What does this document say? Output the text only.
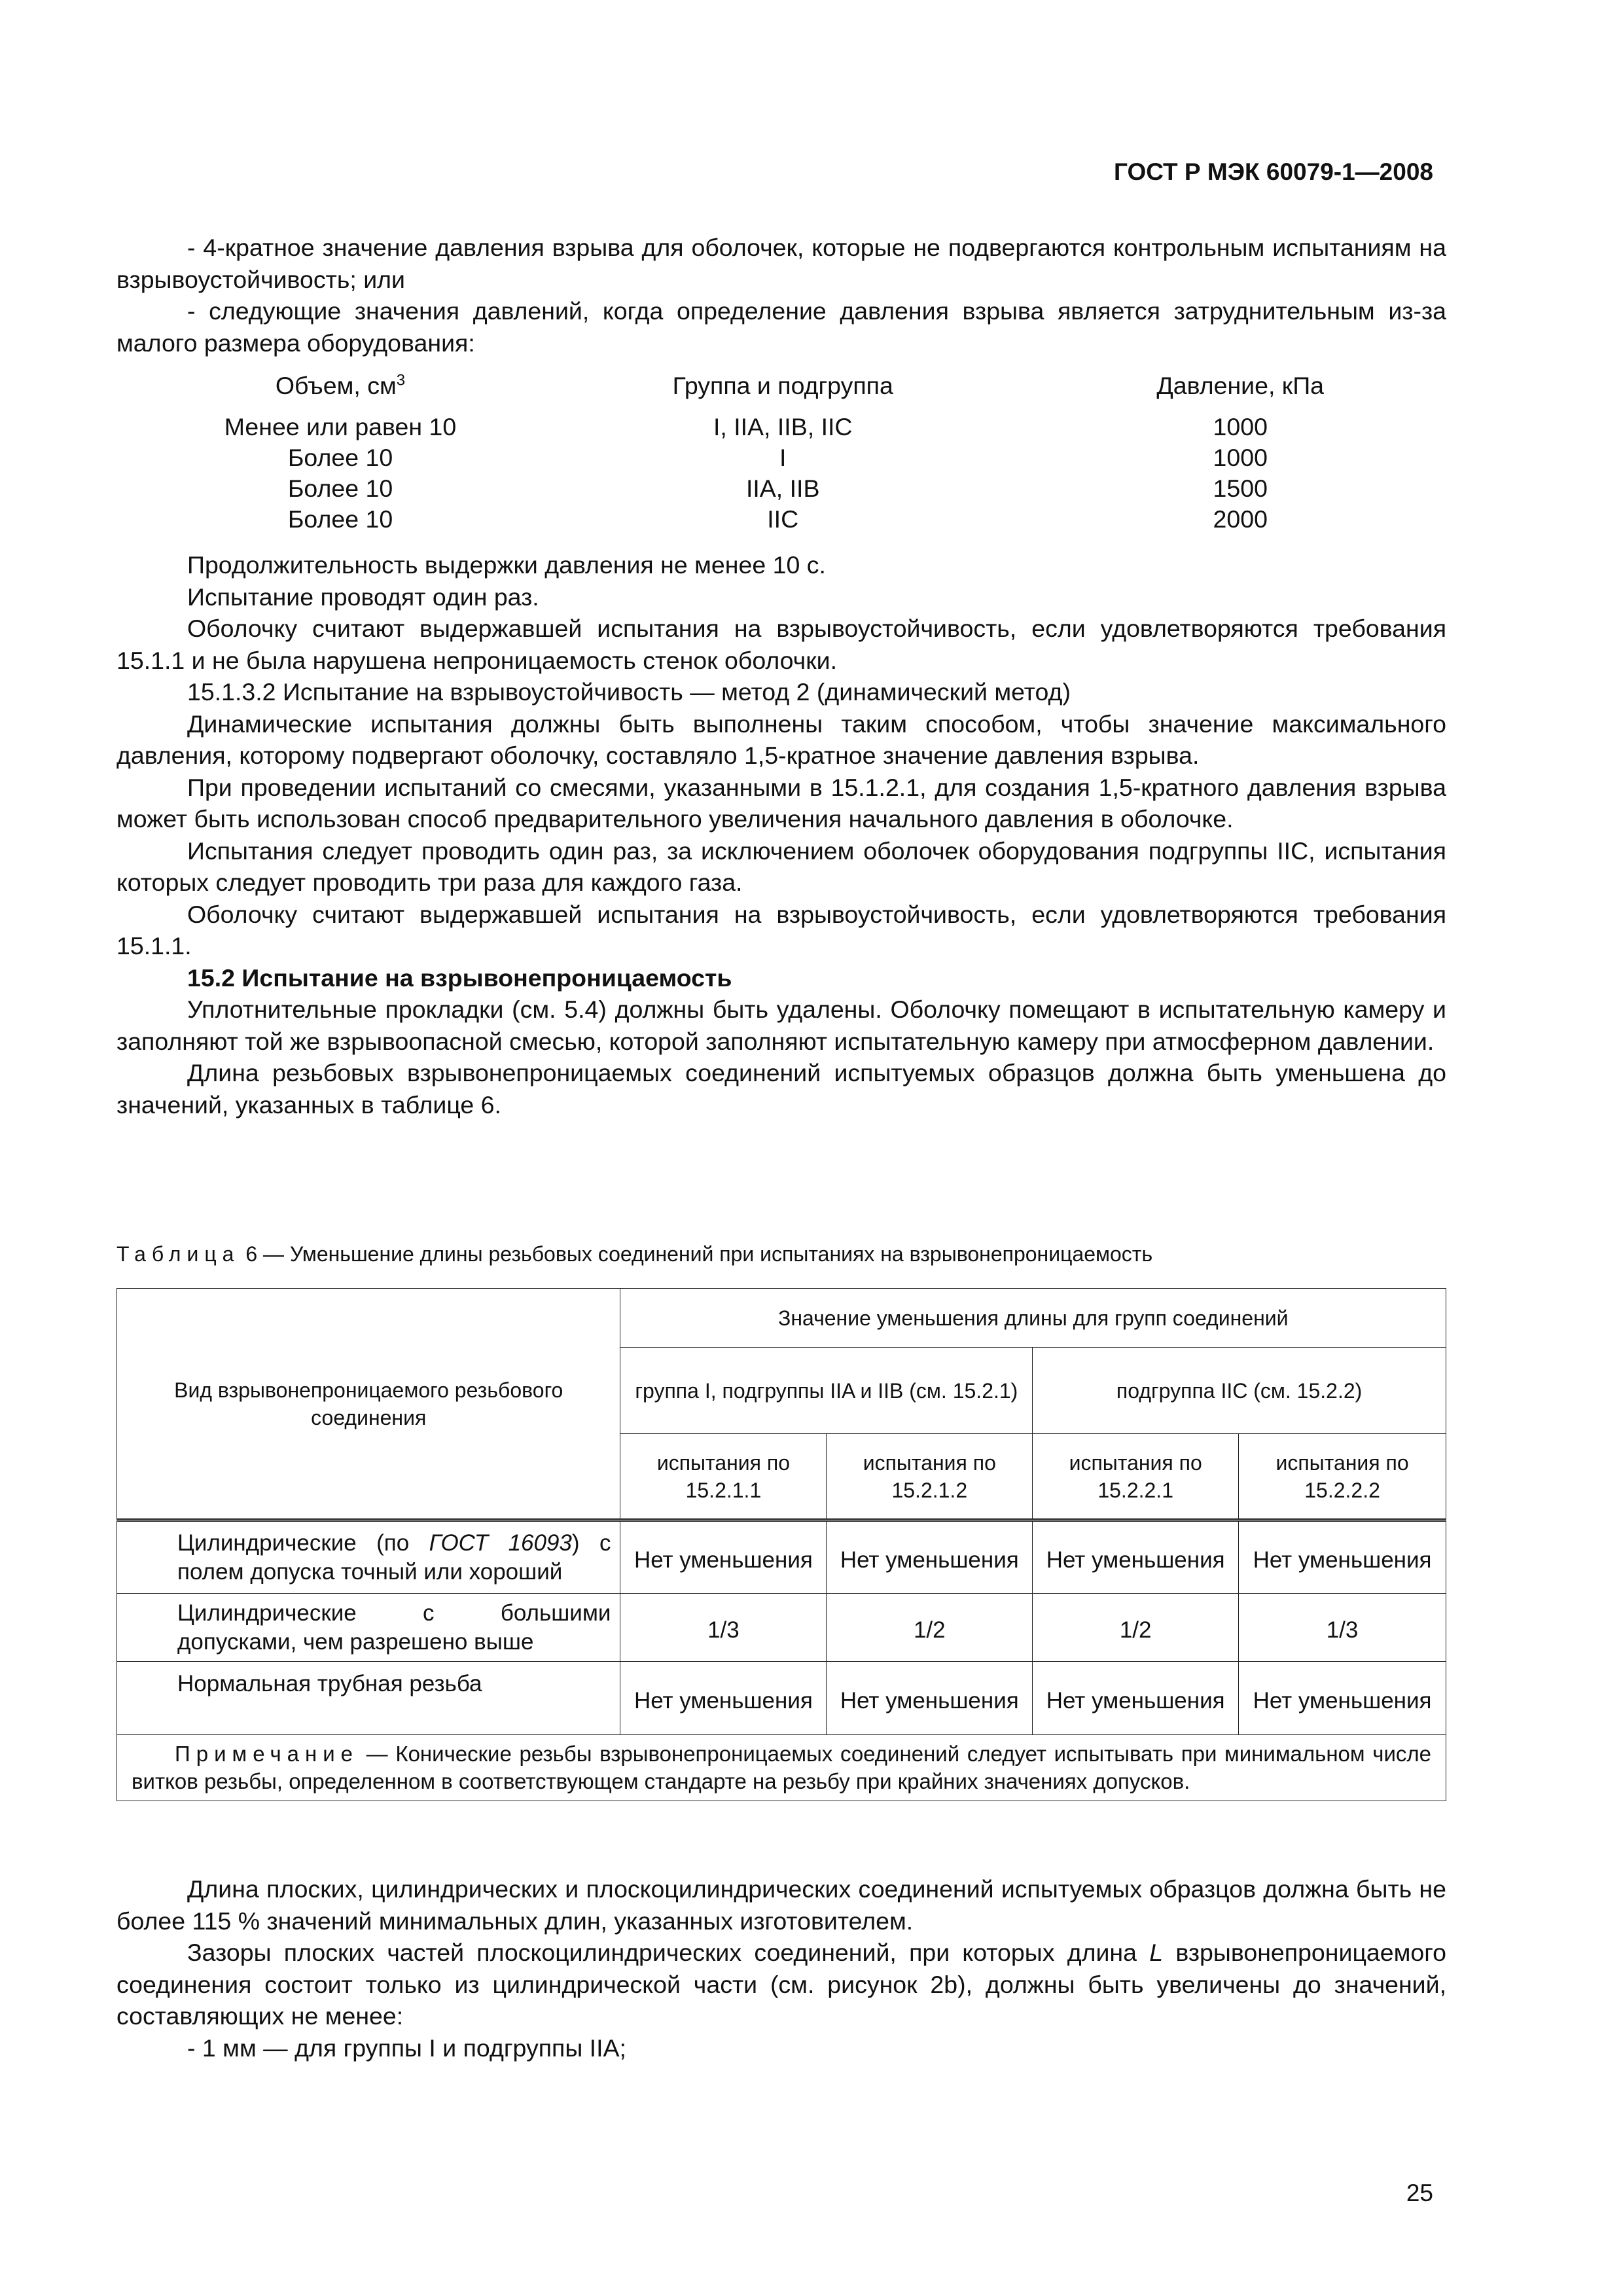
ГОСТ Р МЭК 60079-1—2008

- 4-кратное значение давления взрыва для оболочек, которые не подвергаются контрольным испытаниям на взрывоустойчивость; или

- следующие значения давлений, когда определение давления взрыва является затруднительным из-за малого размера оборудования:

Объем, $см^3$	Группа и подгруппа	Давление, кПа
Менее или равен 10	I, IIA, IIB, IIC	1000
Более 10	I	1000
Более 10	IIA, IIB	1500
Более 10	IIC	2000

Продолжительность выдержки давления не менее 10 с.

Испытание проводят один раз.

Оболочку считают выдержавшей испытания на взрывоустойчивость, если удовлетворяются требования 15.1.1 и не была нарушена непроницаемость стенок оболочки.

15.1.3.2 Испытание на взрывоустойчивость — метод 2 (динамический метод)

Динамические испытания должны быть выполнены таким способом, чтобы значение максимального давления, которому подвергают оболочку, составляло 1,5-кратное значение давления взрыва.

При проведении испытаний со смесями, указанными в 15.1.2.1, для создания 1,5-кратного давления взрыва может быть использован способ предварительного увеличения начального давления в оболочке.

Испытания следует проводить один раз, за исключением оболочек оборудования подгруппы IIC, испытания которых следует проводить три раза для каждого газа.

Оболочку считают выдержавшей испытания на взрывоустойчивость, если удовлетворяются требования 15.1.1.

15.2 Испытание на взрывонепроницаемость

Уплотнительные прокладки (см. 5.4) должны быть удалены. Оболочку помещают в испытательную камеру и заполняют той же взрывоопасной смесью, которой заполняют испытательную камеру при атмосферном давлении.

Длина резьбовых взрывонепроницаемых соединений испытуемых образцов должна быть уменьшена до значений, указанных в таблице 6.

Таблица 6 — Уменьшение длины резьбовых соединений при испытаниях на взрывонепроницаемость
Вид взрывонепроницаемого резьбового соединения	Значение уменьшения длины для групп соединений			
	группа I, подгруппы IIA и IIB (см. 15.2.1)		подгруппа IIC (см. 15.2.2)	
	испытания по 15.2.1.1	испытания по 15.2.1.2	испытания по 15.2.2.1	испытания по 15.2.2.2
Цилиндрические (по ГОСТ 16093) с полем допуска точный или хороший	Нет уменьшения	Нет уменьшения	Нет уменьшения	Нет уменьшения
Цилиндрические с большими допусками, чем разрешено выше	1/3	1/2	1/2	1/3
Нормальная трубная резьба	Нет уменьшения	Нет уменьшения	Нет уменьшения	Нет уменьшения

Примечание — Конические резьбы взрывонепроницаемых соединений следует испытывать при минимальном числе витков резьбы, определенном в соответствующем стандарте на резьбу при крайних значениях допусков.				

Длина плоских, цилиндрических и плоскоцилиндрических соединений испытуемых образцов должна быть не более 115 % значений минимальных длин, указанных изготовителем.

Зазоры плоских частей плоскоцилиндрических соединений, при которых длина L взрывонепроницаемого соединения состоит только из цилиндрической части (см. рисунок 2b), должны быть увеличены до значений, составляющих не менее:

- 1 мм — для группы I и подгруппы IIA;

25
